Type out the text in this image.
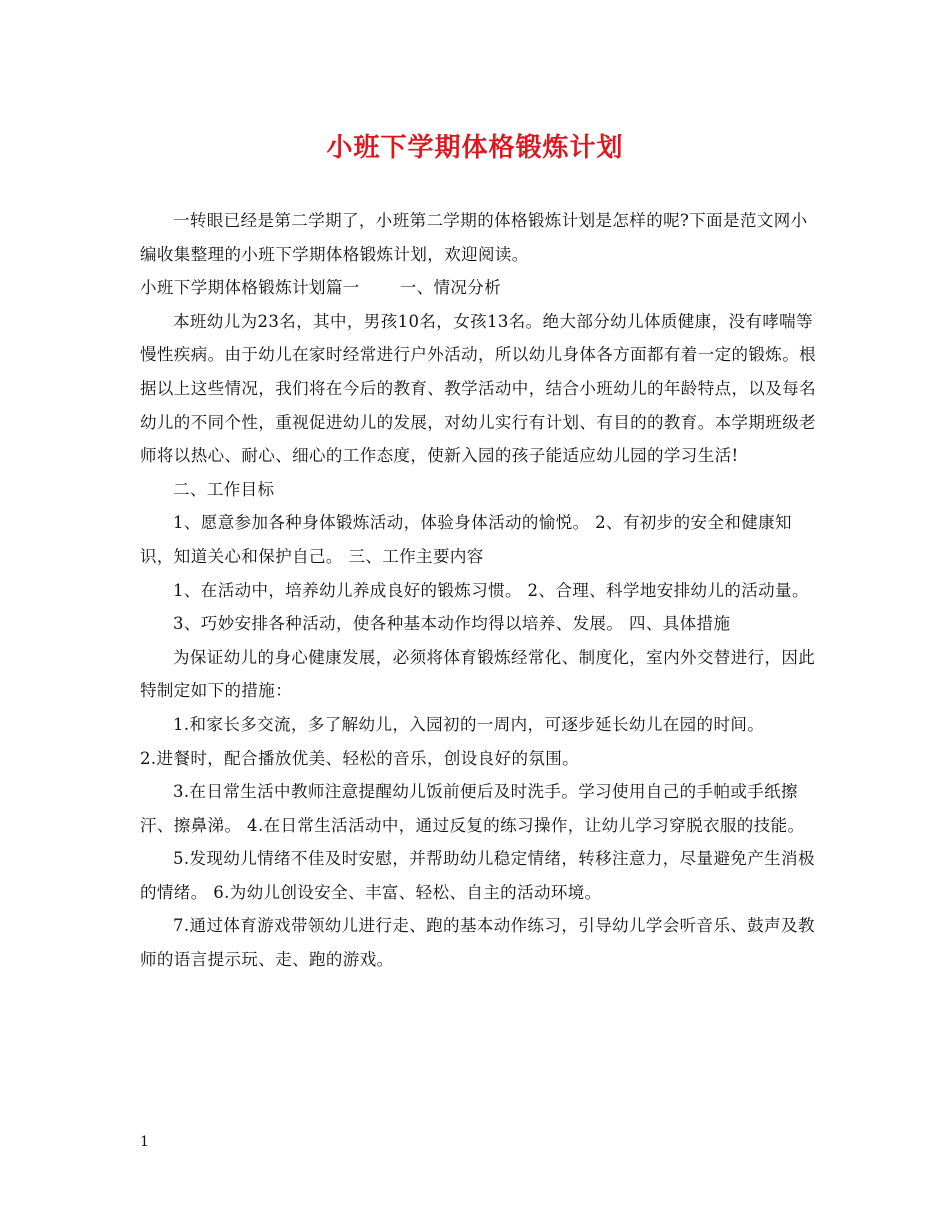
小班下学期体格锻炼计划

一转眼已经是第二学期了，小班第二学期的体格锻炼计划是怎样的呢?下面是范文网小编收集整理的小班下学期体格锻炼计划，欢迎阅读。

小班下学期体格锻炼计划篇一 一、情况分析

本班幼儿为23名，其中，男孩10名，女孩13名。绝大部分幼儿体质健康，没有哮喘等慢性疾病。由于幼儿在家时经常进行户外活动，所以幼儿身体各方面都有着一定的锻炼。根据以上这些情况，我们将在今后的教育、教学活动中，结合小班幼儿的年龄特点，以及每名幼儿的不同个性，重视促进幼儿的发展，对幼儿实行有计划、有目的的教育。本学期班级老师将以热心、耐心、细心的工作态度，使新入园的孩子能适应幼儿园的学习生活!

二、工作目标

1、愿意参加各种身体锻炼活动，体验身体活动的愉悦。 2、有初步的安全和健康知识，知道关心和保护自己。 三、工作主要内容

1、在活动中，培养幼儿养成良好的锻炼习惯。 2、合理、科学地安排幼儿的活动量。

3、巧妙安排各种活动，使各种基本动作均得以培养、发展。 四、具体措施

为保证幼儿的身心健康发展，必须将体育锻炼经常化、制度化，室内外交替进行，因此特制定如下的措施：

1.和家长多交流，多了解幼儿，入园初的一周内，可逐步延长幼儿在园的时间。

2.进餐时，配合播放优美、轻松的音乐，创设良好的氛围。

3.在日常生活中教师注意提醒幼儿饭前便后及时洗手。学习使用自己的手帕或手纸擦汗、擦鼻涕。 4.在日常生活活动中，通过反复的练习操作，让幼儿学习穿脱衣服的技能。

5.发现幼儿情绪不佳及时安慰，并帮助幼儿稳定情绪，转移注意力，尽量避免产生消极的情绪。 6.为幼儿创设安全、丰富、轻松、自主的活动环境。

7.通过体育游戏带领幼儿进行走、跑的基本动作练习，引导幼儿学会听音乐、鼓声及教师的语言提示玩、走、跑的游戏。

1
